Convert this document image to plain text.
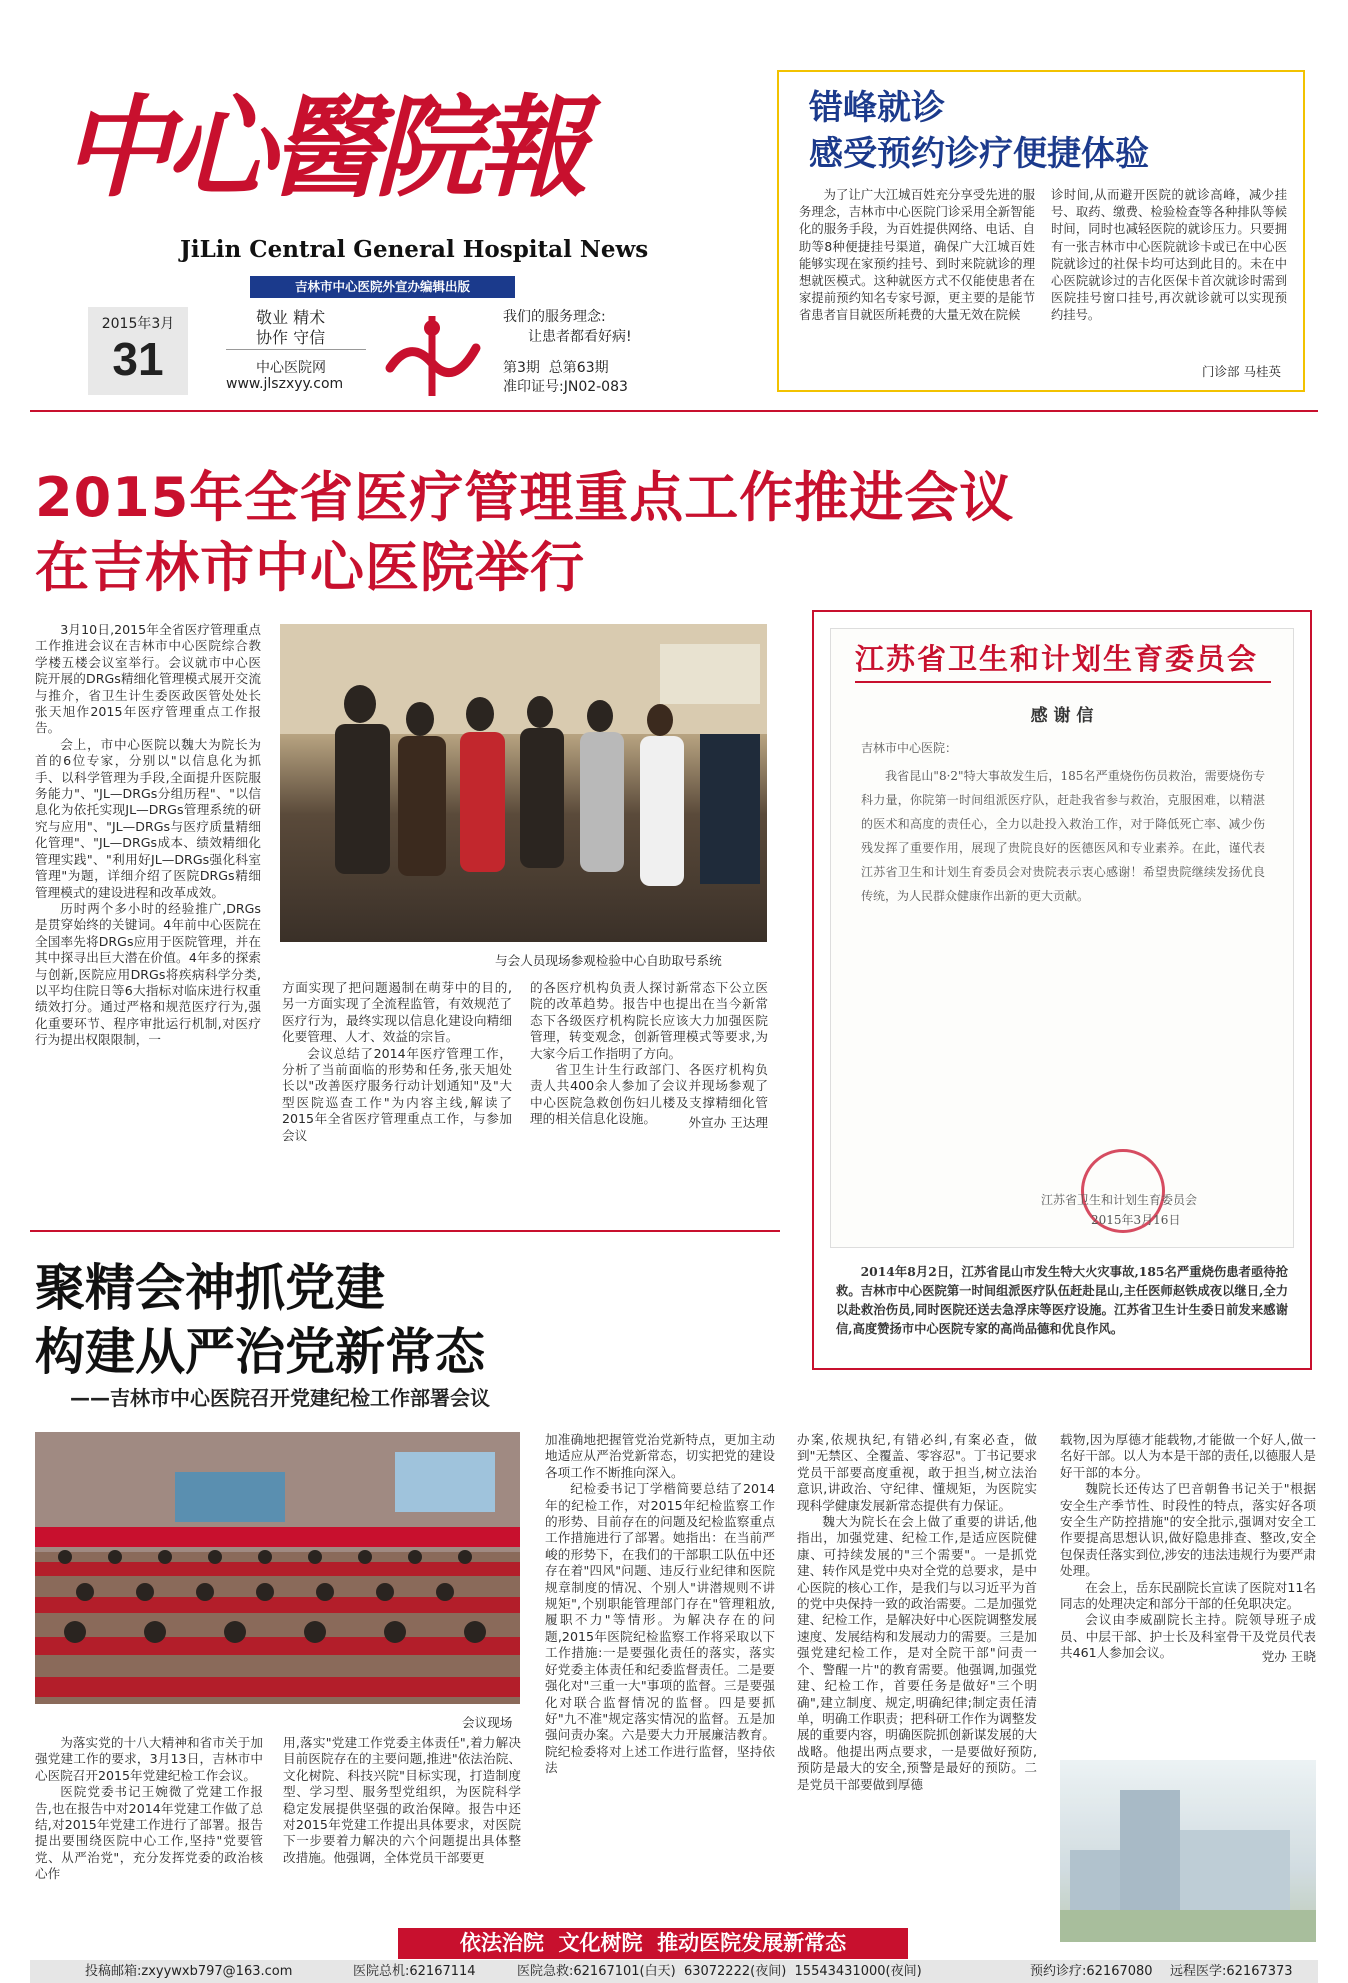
中心醫院報
JiLin Central General Hospital News
吉林市中心医院外宣办编辑出版
2015年3月
31
敬业 精术
协作 守信
中心医院网
www.jlszxyy.com
我们的服务理念:
让患者都看好病!
第3期  总第63期
准印证号:JN02-083
错峰就诊
感受预约诊疗便捷体验

为了让广大江城百姓充分享受先进的服务理念，吉林市中心医院门诊采用全新智能化的服务手段，为百姓提供网络、电话、自助等8种便捷挂号渠道，确保广大江城百姓能够实现在家预约挂号、到时来院就诊的理想就医模式。这种就医方式不仅能使患者在家提前预约知名专家号源，更主要的是能节省患者盲目就医所耗费的大量无效在院候

诊时间,从而避开医院的就诊高峰，减少挂号、取药、缴费、检验检查等各种排队等候时间，同时也减轻医院的就诊压力。只要拥有一张吉林市中心医院就诊卡或已在中心医院就诊过的社保卡均可达到此目的。未在中心医院就诊过的吉化医保卡首次就诊时需到医院挂号窗口挂号,再次就诊就可以实现预约挂号。

门诊部 马桂英
2015年全省医疗管理重点工作推进会议
在吉林市中心医院举行

3月10日,2015年全省医疗管理重点工作推进会议在吉林市中心医院综合教学楼五楼会议室举行。会议就市中心医院开展的DRGs精细化管理模式展开交流与推介，省卫生计生委医政医管处处长张天旭作2015年医疗管理重点工作报告。

会上，市中心医院以魏大为院长为首的6位专家，分别以"以信息化为抓手、以科学管理为手段,全面提升医院服务能力"、"JL—DRGs分组历程"、"以信息化为依托实现JL—DRGs管理系统的研究与应用"、"JL—DRGs与医疗质量精细化管理"、"JL—DRGs成本、绩效精细化管理实践"、"利用好JL—DRGs强化科室管理"为题，详细介绍了医院DRGs精细管理模式的建设进程和改革成效。

历时两个多小时的经验推广,DRGs是贯穿始终的关键词。4年前中心医院在全国率先将DRGs应用于医院管理，并在其中探寻出巨大潜在价值。4年多的探索与创新,医院应用DRGs将疾病科学分类,以平均住院日等6大指标对临床进行权重绩效打分。通过严格和规范医疗行为,强化重要环节、程序审批运行机制,对医疗行为提出权限限制，一

与会人员现场参观检验中心自助取号系统

方面实现了把问题遏制在萌芽中的目的,另一方面实现了全流程监管，有效规范了医疗行为，最终实现以信息化建设向精细化要管理、人才、效益的宗旨。

会议总结了2014年医疗管理工作，分析了当前面临的形势和任务,张天旭处长以"改善医疗服务行动计划通知"及"大型医院巡查工作"为内容主线,解读了2015年全省医疗管理重点工作，与参加会议

的各医疗机构负责人探讨新常态下公立医院的改革趋势。报告中也提出在当今新常态下各级医疗机构院长应该大力加强医院管理，转变观念，创新管理模式等要求,为大家今后工作指明了方向。

省卫生计生行政部门、各医疗机构负责人共400余人参加了会议并现场参观了中心医院急救创伤妇儿楼及支撑精细化管理的相关信息化设施。	外宣办 王达理
江苏省卫生和计划生育委员会
感 谢 信
吉林市中心医院：

我省昆山"8·2"特大事故发生后，185名严重烧伤伤员救治，需要烧伤专科力量，你院第一时间组派医疗队，赶赴我省参与救治，克服困难，以精湛的医术和高度的责任心，全力以赴投入救治工作，对于降低死亡率、减少伤残发挥了重要作用，展现了贵院良好的医德医风和专业素养。在此，谨代表江苏省卫生和计划生育委员会对贵院表示衷心感谢！希望贵院继续发扬优良传统，为人民群众健康作出新的更大贡献。

江苏省卫生和计划生育委员会
2015年3月16日

2014年8月2日，江苏省昆山市发生特大火灾事故,185名严重烧伤患者亟待抢救。吉林市中心医院第一时间组派医疗队伍赶赴昆山,主任医师赵铁成夜以继日,全力以赴救治伤员,同时医院还送去急浮床等医疗设施。江苏省卫生计生委日前发来感谢信,高度赞扬市中心医院专家的高尚品德和优良作风。

聚精会神抓党建
构建从严治党新常态
——吉林市中心医院召开党建纪检工作部署会议
会议现场

为落实党的十八大精神和省市关于加强党建工作的要求，3月13日，吉林市中心医院召开2015年党建纪检工作会议。

医院党委书记王婉微了党建工作报告,也在报告中对2014年党建工作做了总结,对2015年党建工作进行了部署。报告提出要围绕医院中心工作,坚持"党要管党、从严治党"，充分发挥党委的政治核心作

用,落实"党建工作党委主体责任",着力解决目前医院存在的主要问题,推进"依法治院、文化树院、科技兴院"目标实现，打造制度型、学习型、服务型党组织，为医院科学稳定发展提供坚强的政治保障。报告中还对2015年党建工作提出具体要求，对医院下一步要着力解决的六个问题提出具体整改措施。他强调，全体党员干部要更

加准确地把握管党治党新特点，更加主动地适应从严治党新常态，切实把党的建设各项工作不断推向深入。

纪检委书记丁学楷简要总结了2014年的纪检工作，对2015年纪检监察工作的形势、目前存在的问题及纪检监察重点工作措施进行了部署。她指出：在当前严峻的形势下，在我们的干部职工队伍中还存在着"四风"问题、违反行业纪律和医院规章制度的情况、个别人"讲潜规则不讲规矩",个别职能管理部门存在"管理粗放,履职不力"等情形。为解决存在的问题,2015年医院纪检监察工作将采取以下工作措施:一是要强化责任的落实，落实好党委主体责任和纪委监督责任。二是要强化对"三重一大"事项的监督。三是要强化对联合监督情况的监督。四是要抓好"九不准"规定落实情况的监督。五是加强问责办案。六是要大力开展廉洁教育。院纪检委将对上述工作进行监督，坚持依法

办案,依规执纪,有错必纠,有案必查，做到"无禁区、全覆盖、零容忍"。丁书记要求党员干部要高度重视，敢于担当,树立法治意识,讲政治、守纪律、懂规矩，为医院实现科学健康发展新常态提供有力保证。

魏大为院长在会上做了重要的讲话,他指出，加强党建、纪检工作,是适应医院健康、可持续发展的"三个需要"。一是抓党建、转作风是党中央对全党的总要求，是中心医院的核心工作，是我们与以习近平为首的党中央保持一致的政治需要。二是加强党建、纪检工作，是解决好中心医院调整发展速度、发展结构和发展动力的需要。三是加强党建纪检工作，是对全院干部"问责一个、警醒一片"的教育需要。他强调,加强党建、纪检工作，首要任务是做好"三个明确",建立制度、规定,明确纪律;制定责任清单，明确工作职责；把科研工作作为调整发展的重要内容，明确医院抓创新谋发展的大战略。他提出两点要求，一是要做好预防,预防是最大的安全,预警是最好的预防。二是党员干部要做到厚德

载物,因为厚德才能载物,才能做一个好人,做一名好干部。以人为本是干部的责任,以德服人是好干部的本分。

魏院长还传达了巴音朝鲁书记关于"根据安全生产季节性、时段性的特点，落实好各项安全生产防控措施"的安全批示,强调对安全工作要提高思想认识,做好隐患排查、整改,安全包保责任落实到位,涉安的违法违规行为要严肃处理。

在会上，岳东民副院长宣读了医院对11名同志的处理决定和部分干部的任免职决定。

会议由李威副院长主持。院领导班子成员、中层干部、护士长及科室骨干及党员代表共461人参加会议。	党办 王晓
依法治院  文化树院  推动医院发展新常态
投稿邮箱:zxyywxb797@163.com	医院总机:62167114	医院急救:62167101(白天)  63072222(夜间)  15543431000(夜间)	预约诊疗:62167080 远程医学:62167373
